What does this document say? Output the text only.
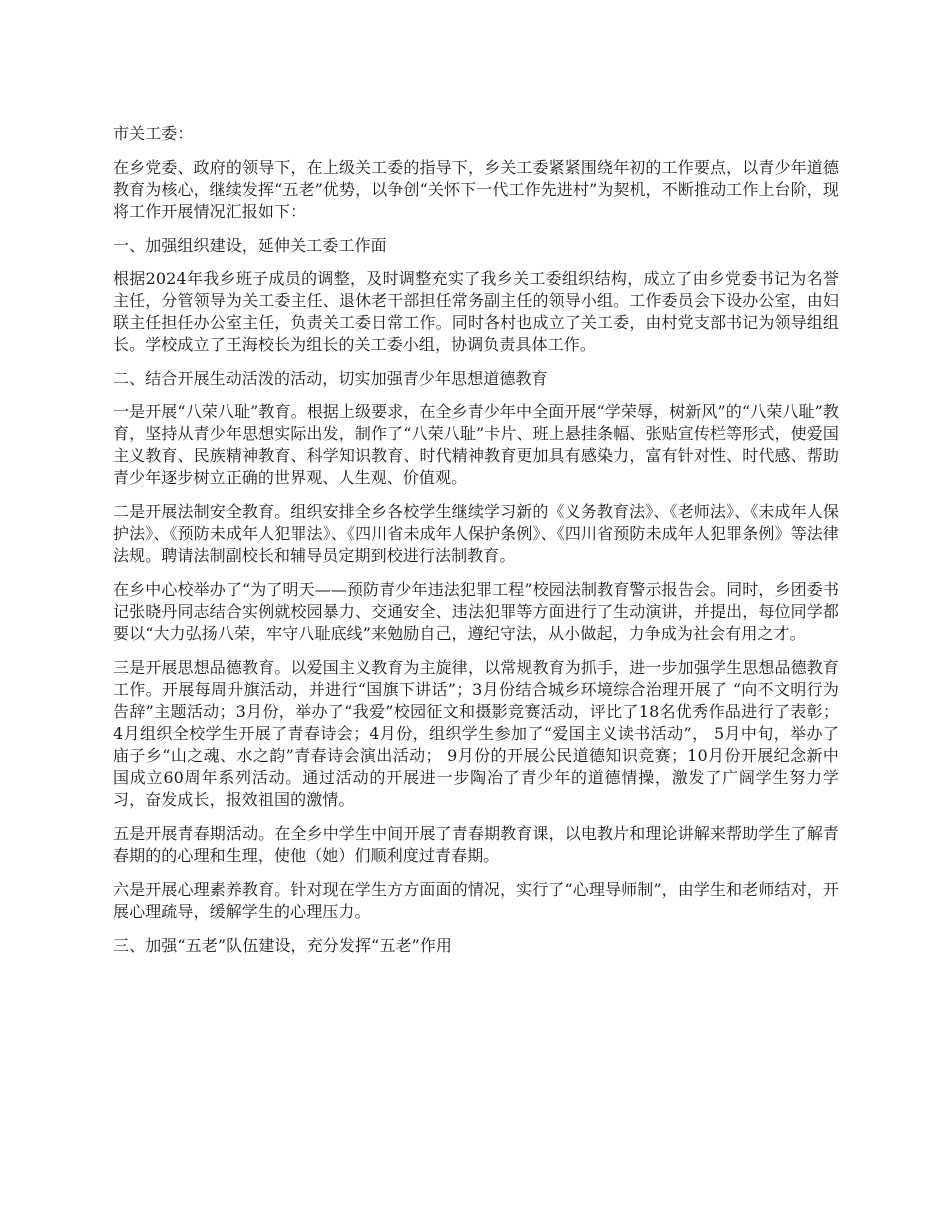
市关工委：

在乡党委、政府的领导下，在上级关工委的指导下，乡关工委紧紧围绕年初的工作要点，以青少年道德教育为核心，继续发挥“五老”优势，以争创“关怀下一代工作先进村”为契机，不断推动工作上台阶，现将工作开展情况汇报如下：

一、加强组织建设，延伸关工委工作面

根据2024年我乡班子成员的调整，及时调整充实了我乡关工委组织结构，成立了由乡党委书记为名誉主任，分管领导为关工委主任、退休老干部担任常务副主任的领导小组。工作委员会下设办公室，由妇联主任担任办公室主任，负责关工委日常工作。同时各村也成立了关工委，由村党支部书记为领导组组长。学校成立了王海校长为组长的关工委小组，协调负责具体工作。

二、结合开展生动活泼的活动，切实加强青少年思想道德教育

一是开展“八荣八耻”教育。根据上级要求，在全乡青少年中全面开展“学荣辱，树新风”的“八荣八耻”教育，坚持从青少年思想实际出发，制作了“八荣八耻”卡片、班上悬挂条幅、张贴宣传栏等形式，使爱国主义教育、民族精神教育、科学知识教育、时代精神教育更加具有感染力，富有针对性、时代感、帮助青少年逐步树立正确的世界观、人生观、价值观。

二是开展法制安全教育。组织安排全乡各校学生继续学习新的《义务教育法》、《老师法》、《未成年人保护法》、《预防未成年人犯罪法》、《四川省未成年人保护条例》、《四川省预防未成年人犯罪条例》等法律法规。聘请法制副校长和辅导员定期到校进行法制教育。

在乡中心校举办了“为了明天——预防青少年违法犯罪工程”校园法制教育警示报告会。同时，乡团委书记张晓丹同志结合实例就校园暴力、交通安全、违法犯罪等方面进行了生动演讲，并提出，每位同学都要以“大力弘扬八荣，牢守八耻底线”来勉励自己，遵纪守法，从小做起，力争成为社会有用之才。

三是开展思想品德教育。以爱国主义教育为主旋律，以常规教育为抓手，进一步加强学生思想品德教育工作。开展每周升旗活动，并进行“国旗下讲话”；3月份结合城乡环境综合治理开展了 “向不文明行为告辞”主题活动；3月份，举办了“我爱”校园征文和摄影竞赛活动，评比了18名优秀作品进行了表彰；4月组织全校学生开展了青春诗会；4月份，组织学生参加了“爱国主义读书活动”， 5月中旬，举办了庙子乡“山之魂、水之韵”青春诗会演出活动； 9月份的开展公民道德知识竞赛；10月份开展纪念新中国成立60周年系列活动。通过活动的开展进一步陶冶了青少年的道德情操，激发了广阔学生努力学习，奋发成长，报效祖国的激情。

五是开展青春期活动。在全乡中学生中间开展了青春期教育课，以电教片和理论讲解来帮助学生了解青春期的的心理和生理，使他（她）们顺利度过青春期。

六是开展心理素养教育。针对现在学生方方面面的情况，实行了“心理导师制”，由学生和老师结对，开展心理疏导，缓解学生的心理压力。

三、加强“五老”队伍建设，充分发挥“五老”作用
